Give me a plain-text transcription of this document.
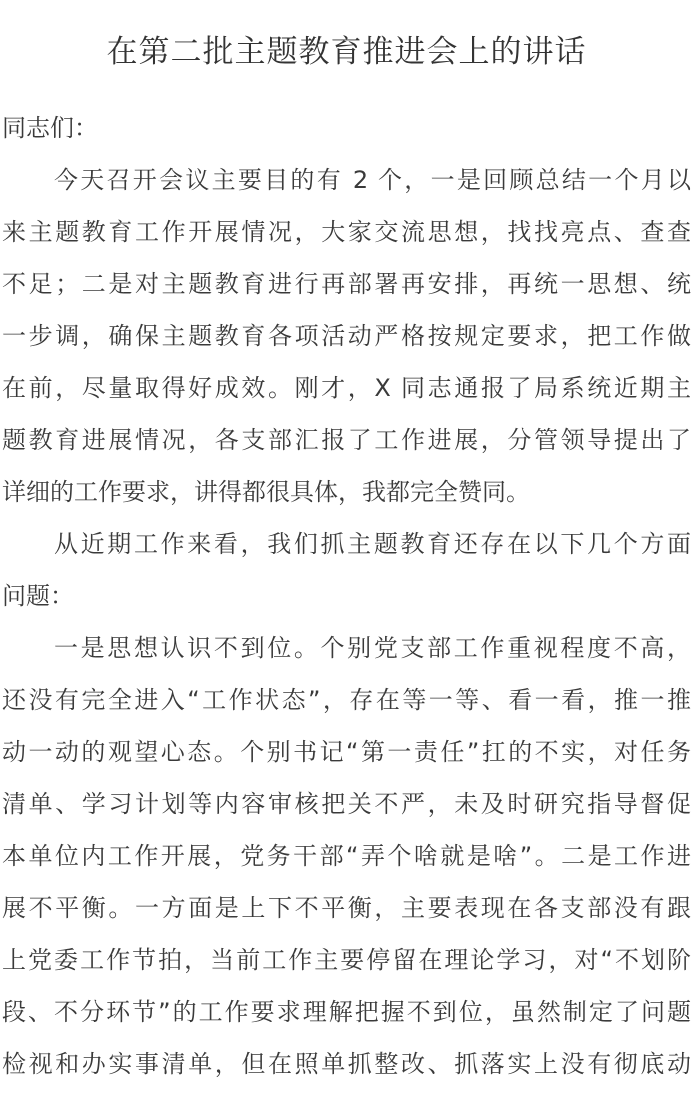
在第二批主题教育推进会上的讲话
同志们：
今天召开会议主要目的有 2 个，一是回顾总结一个月以
来主题教育工作开展情况，大家交流思想，找找亮点、查查
不足；二是对主题教育进行再部署再安排，再统一思想、统
一步调，确保主题教育各项活动严格按规定要求，把工作做
在前，尽量取得好成效。刚才，X 同志通报了局系统近期主
题教育进展情况，各支部汇报了工作进展，分管领导提出了
详细的工作要求，讲得都很具体，我都完全赞同。
从近期工作来看，我们抓主题教育还存在以下几个方面
问题：
一是思想认识不到位。个别党支部工作重视程度不高，
还没有完全进入“工作状态”，存在等一等、看一看，推一推
动一动的观望心态。个别书记“第一责任”扛的不实，对任务
清单、学习计划等内容审核把关不严，未及时研究指导督促
本单位内工作开展，党务干部“弄个啥就是啥”。二是工作进
展不平衡。一方面是上下不平衡，主要表现在各支部没有跟
上党委工作节拍，当前工作主要停留在理论学习，对“不划阶
段、不分环节”的工作要求理解把握不到位，虽然制定了问题
检视和办实事清单，但在照单抓整改、抓落实上没有彻底动
